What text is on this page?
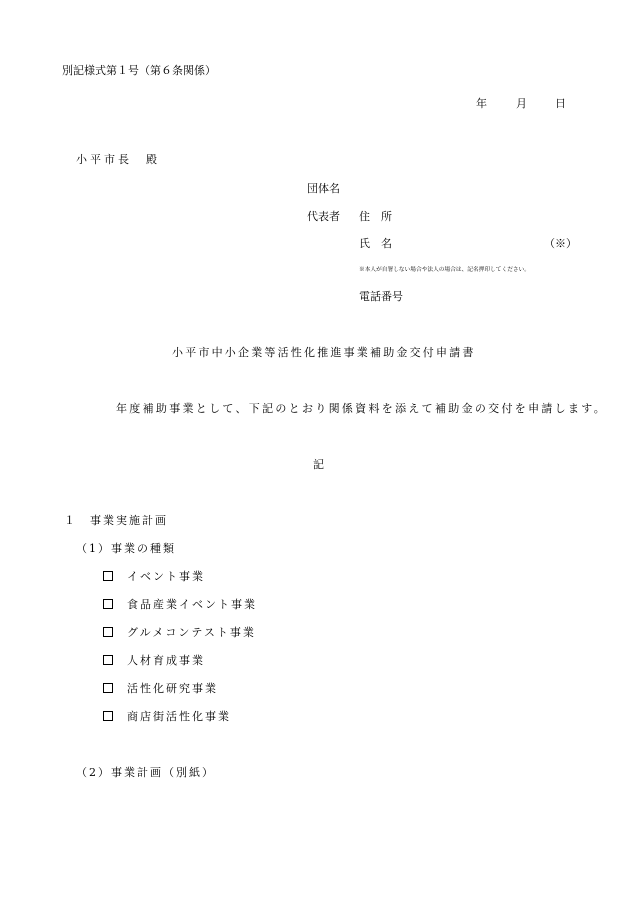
別記様式第１号（第６条関係）
年	月	日
小平市長　殿
団体名
代表者 住　所
氏　名	（※）
※本人が自署しない場合や法人の場合は、記名押印してください。
電話番号
小平市中小企業等活性化推進事業補助金交付申請書
年度補助事業として、下記のとおり関係資料を添えて補助金の交付を申請します。
記
１　事業実施計画
（1）事業の種類
イベント事業
食品産業イベント事業
グルメコンテスト事業
人材育成事業
活性化研究事業
商店街活性化事業
（2）事業計画（別紙）
